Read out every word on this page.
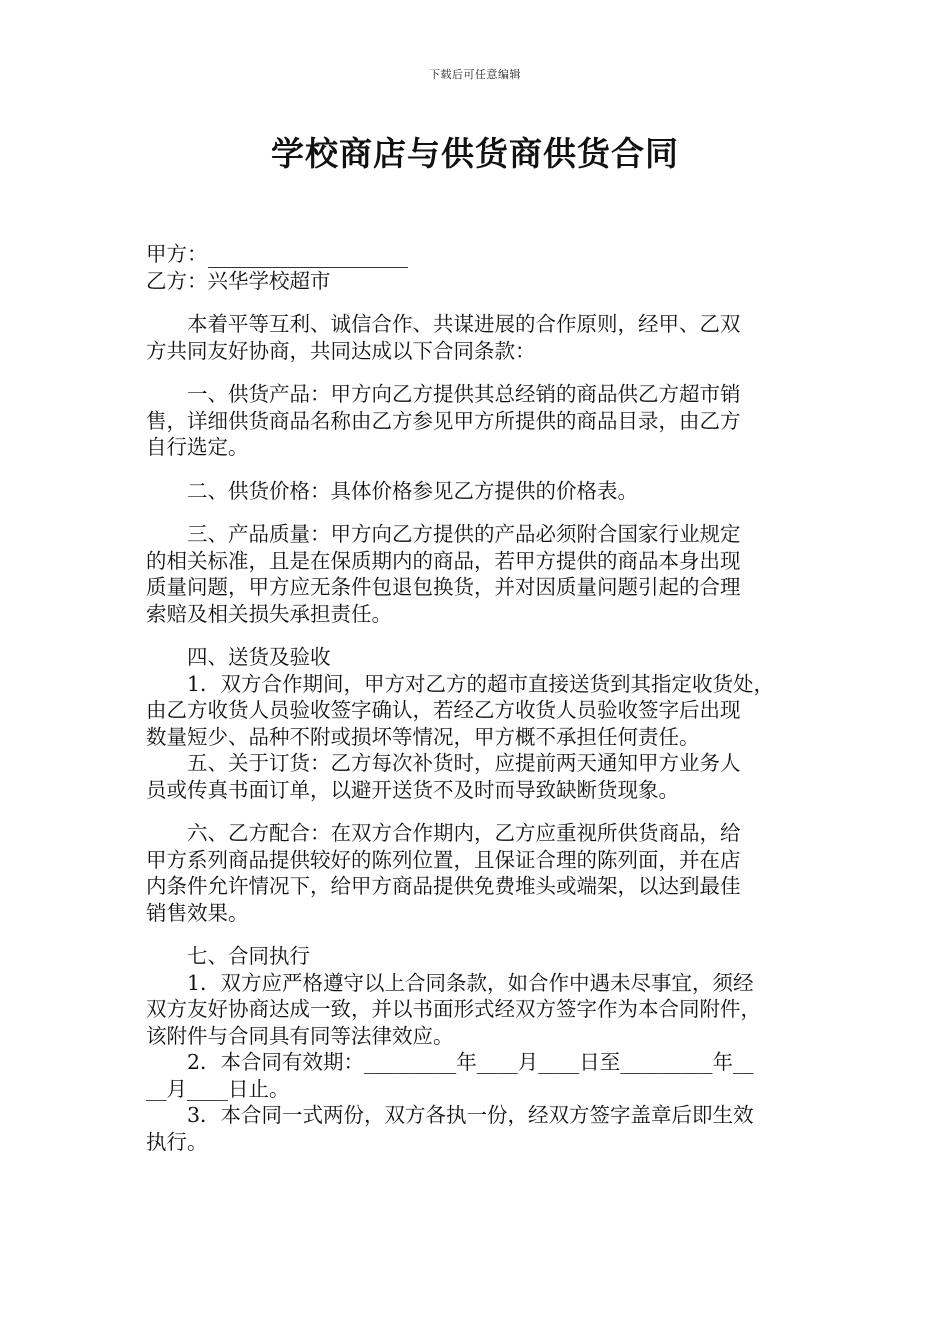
下载后可任意编辑
学校商店与供货商供货合同
甲方：
乙方：兴华学校超市
本着平等互利、诚信合作、共谋进展的合作原则，经甲、乙双
方共同友好协商，共同达成以下合同条款：
一、供货产品：甲方向乙方提供其总经销的商品供乙方超市销
售，详细供货商品名称由乙方参见甲方所提供的商品目录，由乙方
自行选定。
二、供货价格：具体价格参见乙方提供的价格表。
三、产品质量：甲方向乙方提供的产品必须附合国家行业规定
的相关标准，且是在保质期内的商品，若甲方提供的商品本身出现
质量问题，甲方应无条件包退包换货，并对因质量问题引起的合理
索赔及相关损失承担责任。
四、送货及验收
1．双方合作期间，甲方对乙方的超市直接送货到其指定收货处，
由乙方收货人员验收签字确认，若经乙方收货人员验收签字后出现
数量短少、品种不附或损坏等情况，甲方概不承担任何责任。
五、关于订货：乙方每次补货时，应提前两天通知甲方业务人
员或传真书面订单，以避开送货不及时而导致缺断货现象。
六、乙方配合：在双方合作期内，乙方应重视所供货商品，给
甲方系列商品提供较好的陈列位置，且保证合理的陈列面，并在店
内条件允许情况下，给甲方商品提供免费堆头或端架，以达到最佳
销售效果。
七、合同执行
1．双方应严格遵守以上合同条款，如合作中遇未尽事宜，须经
双方友好协商达成一致，并以书面形式经双方签字作为本合同附件，
该附件与合同具有同等法律效应。
2．本合同有效期：_________年____月____日至_________年__
__月____日止。
3．本合同一式两份，双方各执一份，经双方签字盖章后即生效
执行。
